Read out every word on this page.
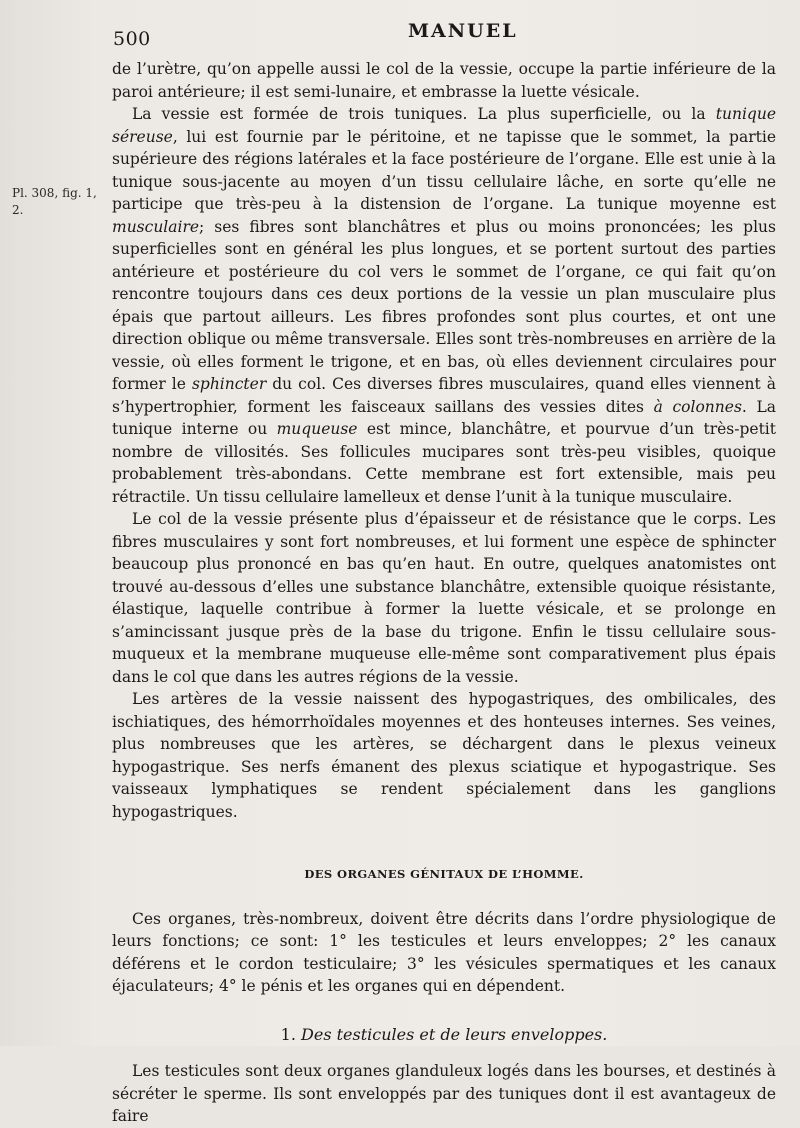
500	MANUEL
Pl. 308, fig. 1, 2.

de l’urètre, qu’on appelle aussi le col de la vessie, occupe la partie inférieure de la paroi antérieure; il est semi-lunaire, et embrasse la luette vésicale.

La vessie est formée de trois tuniques. La plus superficielle, ou la tunique séreuse, lui est fournie par le péritoine, et ne tapisse que le sommet, la partie supérieure des régions latérales et la face postérieure de l’organe. Elle est unie à la tunique sous-jacente au moyen d’un tissu cellulaire lâche, en sorte qu’elle ne participe que très-peu à la distension de l’organe. La tunique moyenne est musculaire; ses fibres sont blanchâtres et plus ou moins prononcées; les plus superficielles sont en général les plus longues, et se portent surtout des parties antérieure et postérieure du col vers le sommet de l’organe, ce qui fait qu’on rencontre toujours dans ces deux portions de la vessie un plan musculaire plus épais que partout ailleurs. Les fibres profondes sont plus courtes, et ont une direction oblique ou même transversale. Elles sont très-nombreuses en arrière de la vessie, où elles forment le trigone, et en bas, où elles deviennent circulaires pour former le sphincter du col. Ces diverses fibres musculaires, quand elles viennent à s’hypertrophier, forment les faisceaux saillans des vessies dites à colonnes. La tunique interne ou muqueuse est mince, blanchâtre, et pourvue d’un très-petit nombre de villosités. Ses follicules mucipares sont très-peu visibles, quoique probablement très-abondans. Cette membrane est fort extensible, mais peu rétractile. Un tissu cellulaire lamelleux et dense l’unit à la tunique musculaire.

Le col de la vessie présente plus d’épaisseur et de résistance que le corps. Les fibres musculaires y sont fort nombreuses, et lui forment une espèce de sphincter beaucoup plus prononcé en bas qu’en haut. En outre, quelques anatomistes ont trouvé au-dessous d’elles une substance blanchâtre, extensible quoique résistante, élastique, laquelle contribue à former la luette vésicale, et se prolonge en s’amincissant jusque près de la base du trigone. Enfin le tissu cellulaire sous-muqueux et la membrane muqueuse elle-même sont comparativement plus épais dans le col que dans les autres régions de la vessie.

Les artères de la vessie naissent des hypogastriques, des ombilicales, des ischiatiques, des hémorrhoïdales moyennes et des honteuses internes. Ses veines, plus nombreuses que les artères, se déchargent dans le plexus veineux hypogastrique. Ses nerfs émanent des plexus sciatique et hypogastrique. Ses vaisseaux lymphatiques se rendent spécialement dans les ganglions hypogastriques.

DES ORGANES GÉNITAUX DE L’HOMME.

Ces organes, très-nombreux, doivent être décrits dans l’ordre physiologique de leurs fonctions; ce sont: 1° les testicules et leurs enveloppes; 2° les canaux déférens et le cordon testiculaire; 3° les vésicules spermatiques et les canaux éjaculateurs; 4° le pénis et les organes qui en dépendent.

1. Des testicules et de leurs enveloppes.

Les testicules sont deux organes glanduleux logés dans les bourses, et destinés à sécréter le sperme. Ils sont enveloppés par des tuniques dont il est avantageux de faire
